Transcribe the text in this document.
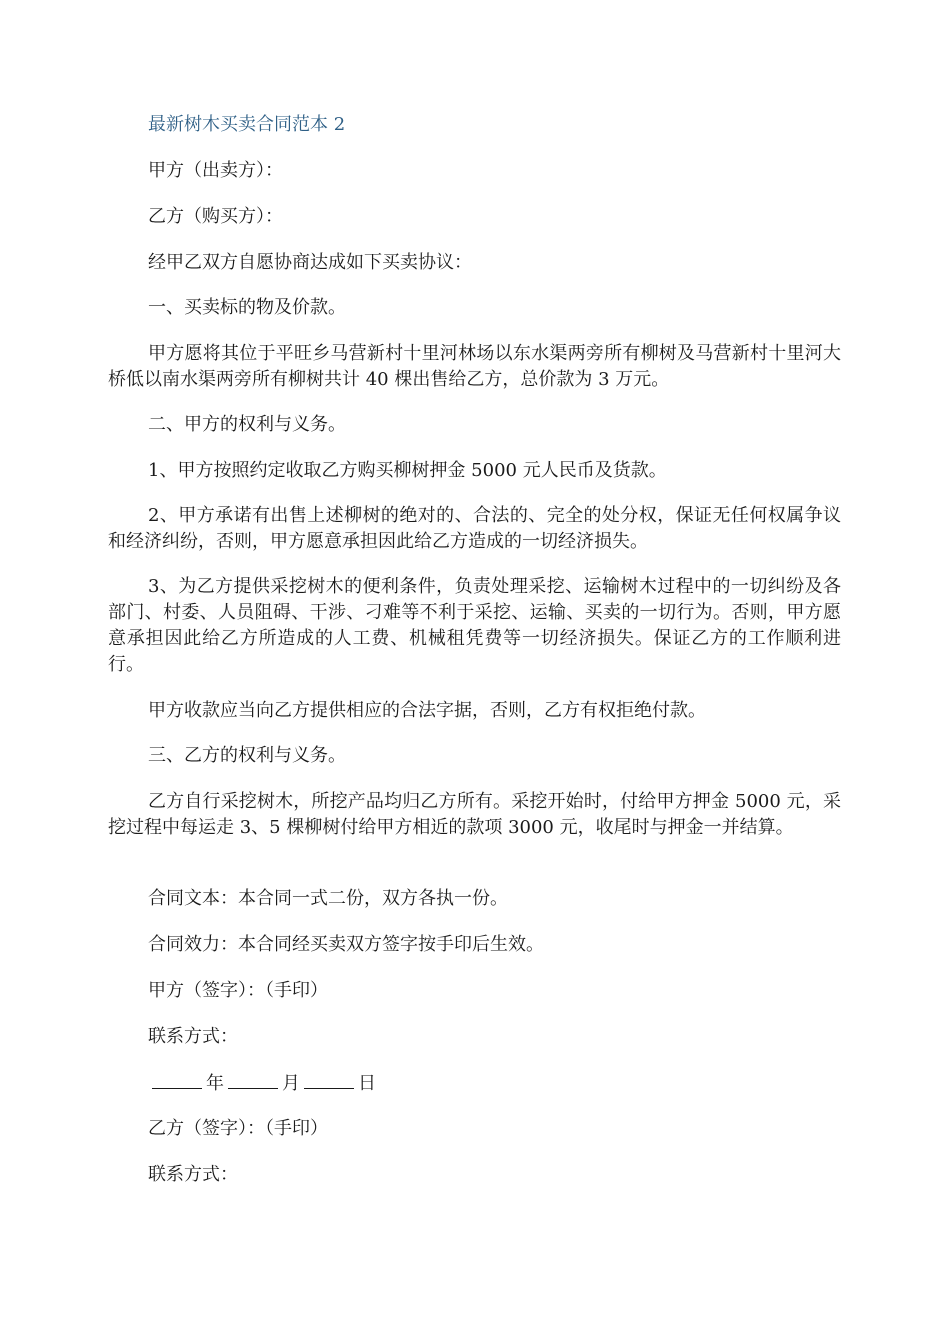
最新树木买卖合同范本 2

甲方（出卖方）：

乙方（购买方）：

经甲乙双方自愿协商达成如下买卖协议：

一、买卖标的物及价款。

甲方愿将其位于平旺乡马营新村十里河林场以东水渠两旁所有柳树及马营新村十里河大桥低以南水渠两旁所有柳树共计 40 棵出售给乙方，总价款为 3 万元。

二、甲方的权利与义务。

1、甲方按照约定收取乙方购买柳树押金 5000 元人民币及货款。

2、甲方承诺有出售上述柳树的绝对的、合法的、完全的处分权，保证无任何权属争议和经济纠纷，否则，甲方愿意承担因此给乙方造成的一切经济损失。

3、为乙方提供采挖树木的便利条件，负责处理采挖、运输树木过程中的一切纠纷及各部门、村委、人员阻碍、干涉、刁难等不利于采挖、运输、买卖的一切行为。否则，甲方愿意承担因此给乙方所造成的人工费、机械租凭费等一切经济损失。保证乙方的工作顺利进行。

甲方收款应当向乙方提供相应的合法字据，否则，乙方有权拒绝付款。

三、乙方的权利与义务。

乙方自行采挖树木，所挖产品均归乙方所有。采挖开始时，付给甲方押金 5000 元，采挖过程中每运走 3、5 棵柳树付给甲方相近的款项 3000 元，收尾时与押金一并结算。

合同文本：本合同一式二份，双方各执一份。

合同效力：本合同经买卖双方签字按手印后生效。

甲方（签字）：（手印）

联系方式：

年	月	日

乙方（签字）：（手印）

联系方式：
